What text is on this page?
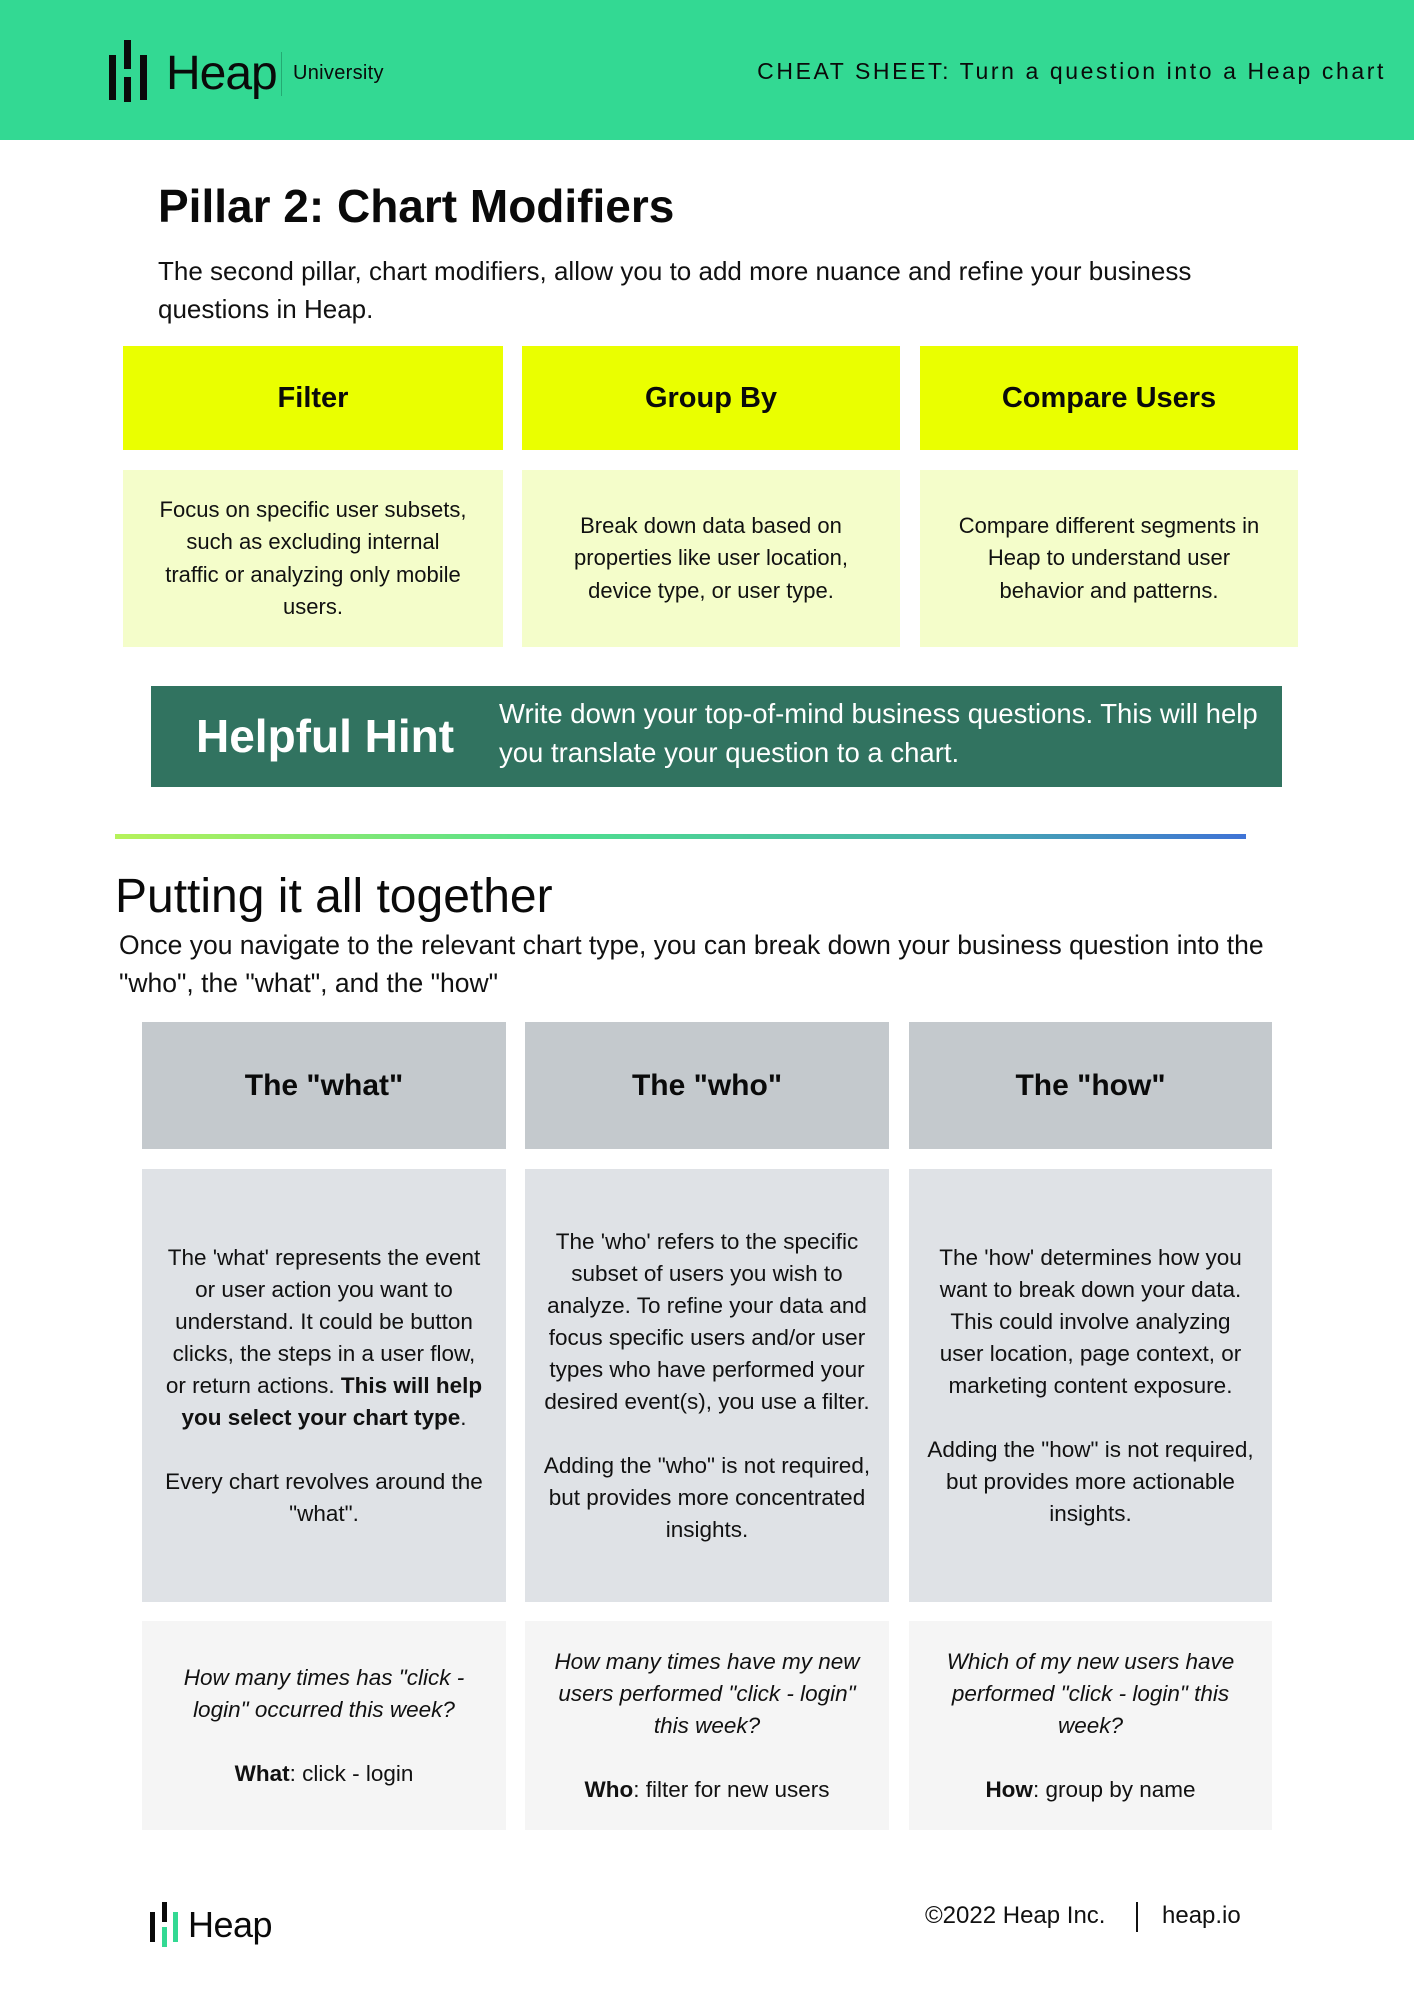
Heap University	CHEAT SHEET: Turn a question into a Heap chart
Pillar 2: Chart Modifiers
The second pillar, chart modifiers, allow you to add more nuance and refine your business questions in Heap.
Filter
Focus on specific user subsets, such as excluding internal traffic or analyzing only mobile users.
Group By
Break down data based on properties like user location, device type, or user type.
Compare Users
Compare different segments in Heap to understand user behavior and patterns.
Helpful Hint Write down your top-of-mind business questions. This will help you translate your question to a chart.
Putting it all together
Once you navigate to the relevant chart type, you can break down your business question into the "who", the "what", and the "how"
The "what"

The 'what' represents the event or user action you want to understand. It could be button clicks, the steps in a user flow, or return actions. This will help you select your chart type.

Every chart revolves around the "what".

How many times has "click - login" occurred this week?
What: click - login
The "who"

The 'who' refers to the specific subset of users you wish to analyze. To refine your data and focus specific users and/or user types who have performed your desired event(s), you use a filter.

Adding the "who" is not required, but provides more concentrated insights.

How many times have my new users performed "click - login" this week?
Who: filter for new users
The "how"

The 'how' determines how you want to break down your data. This could involve analyzing user location, page context, or marketing content exposure.

Adding the "how" is not required, but provides more actionable insights.

Which of my new users have performed "click - login" this week?
How: group by name
Heap	©2022 Heap Inc. heap.io
